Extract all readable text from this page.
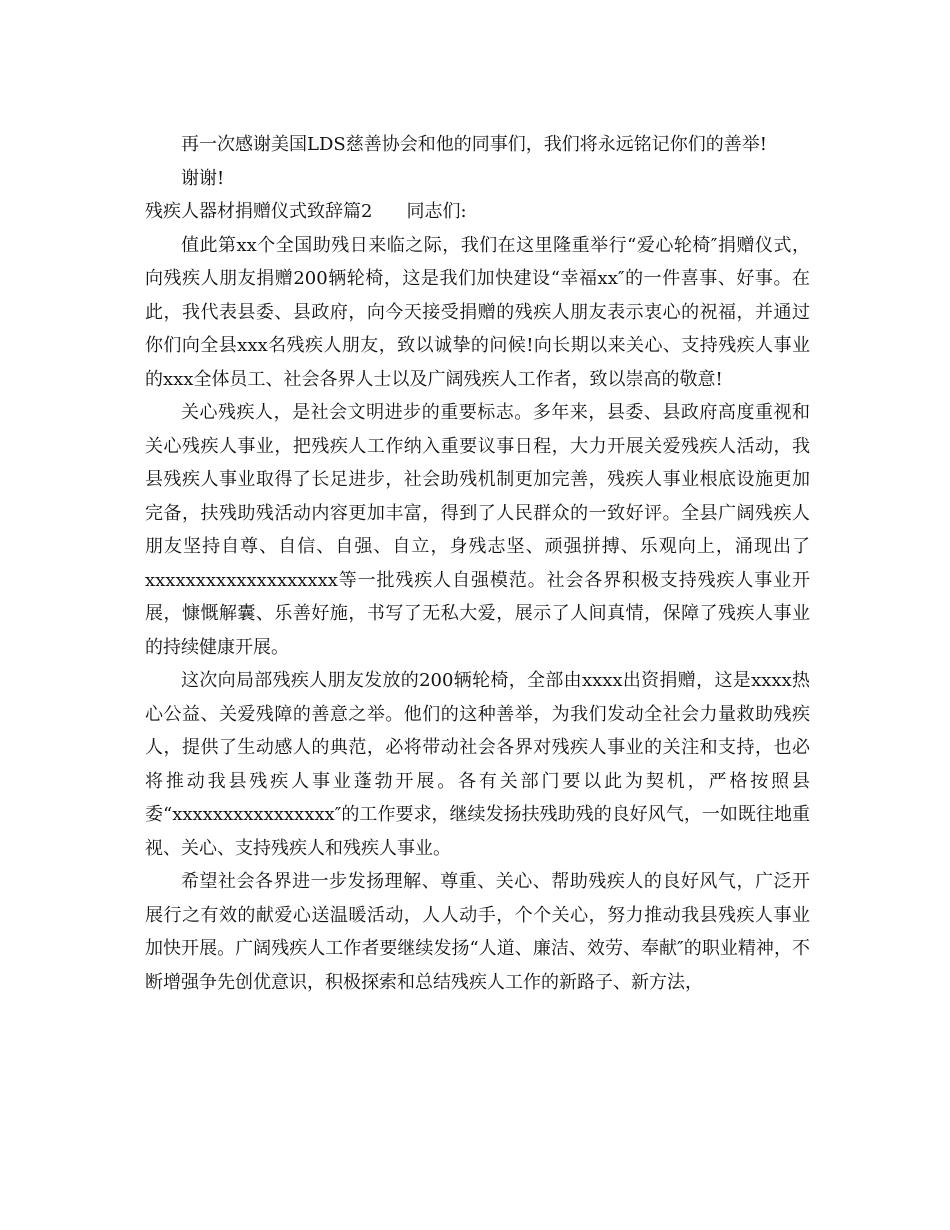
再一次感谢美国LDS慈善协会和他的同事们，我们将永远铭记你们的善举!

谢谢!

残疾人器材捐赠仪式致辞篇2 同志们:

值此第xx个全国助残日来临之际，我们在这里隆重举行“爱心轮椅″捐赠仪式，向残疾人朋友捐赠200辆轮椅，这是我们加快建设“幸福xx″的一件喜事、好事。在此，我代表县委、县政府，向今天接受捐赠的残疾人朋友表示衷心的祝福，并通过你们向全县xxx名残疾人朋友，致以诚挚的问候!向长期以来关心、支持残疾人事业的xxx全体员工、社会各界人士以及广阔残疾人工作者，致以崇高的敬意!

关心残疾人，是社会文明进步的重要标志。多年来，县委、县政府高度重视和关心残疾人事业，把残疾人工作纳入重要议事日程，大力开展关爱残疾人活动，我县残疾人事业取得了长足进步，社会助残机制更加完善，残疾人事业根底设施更加完备，扶残助残活动内容更加丰富，得到了人民群众的一致好评。全县广阔残疾人朋友坚持自尊、自信、自强、自立，身残志坚、顽强拼搏、乐观向上，涌现出了xxxxxxxxxxxxxxxxxxx等一批残疾人自强模范。社会各界积极支持残疾人事业开展，慷慨解囊、乐善好施，书写了无私大爱，展示了人间真情，保障了残疾人事业的持续健康开展。

这次向局部残疾人朋友发放的200辆轮椅，全部由xxxx出资捐赠，这是xxxx热心公益、关爱残障的善意之举。他们的这种善举，为我们发动全社会力量救助残疾人，提供了生动感人的典范，必将带动社会各界对残疾人事业的关注和支持，也必将推动我县残疾人事业蓬勃开展。各有关部门要以此为契机，严格按照县委“xxxxxxxxxxxxxxxx″的工作要求，继续发扬扶残助残的良好风气，一如既往地重视、关心、支持残疾人和残疾人事业。

希望社会各界进一步发扬理解、尊重、关心、帮助残疾人的良好风气，广泛开展行之有效的献爱心送温暖活动，人人动手，个个关心，努力推动我县残疾人事业加快开展。广阔残疾人工作者要继续发扬“人道、廉洁、效劳、奉献″的职业精神，不断增强争先创优意识，积极探索和总结残疾人工作的新路子、新方法，
